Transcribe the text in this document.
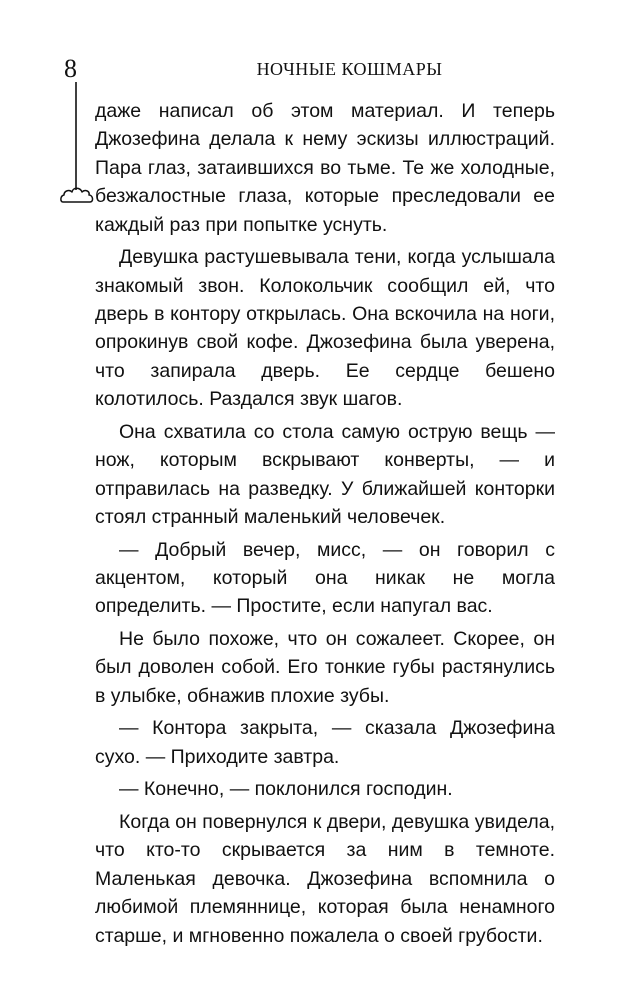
8	НОЧНЫЕ КОШМАРЫ

даже написал об этом материал. И теперь Джозефина делала к нему эскизы иллюстраций. Пара глаз, затаившихся во тьме. Те же холодные, безжалостные глаза, которые преследовали ее каждый раз при попытке уснуть.

Девушка растушевывала тени, когда услышала знакомый звон. Колокольчик сообщил ей, что дверь в контору открылась. Она вскочила на ноги, опрокинув свой кофе. Джозефина была уверена, что запирала дверь. Ее сердце бешено колотилось. Раздался звук шагов.

Она схватила со стола самую острую вещь — нож, которым вскрывают конверты, — и отправилась на разведку. У ближайшей конторки стоял странный маленький человечек.

— Добрый вечер, мисс, — он говорил с акцентом, который она никак не могла определить. — Простите, если напугал вас.

Не было похоже, что он сожалеет. Скорее, он был доволен собой. Его тонкие губы растянулись в улыбке, обнажив плохие зубы.

— Контора закрыта, — сказала Джозефина сухо. — Приходите завтра.

— Конечно, — поклонился господин.

Когда он повернулся к двери, девушка увидела, что кто-то скрывается за ним в темноте. Маленькая девочка. Джозефина вспомнила о любимой племяннице, которая была ненамного старше, и мгновенно пожалела о своей грубости.
